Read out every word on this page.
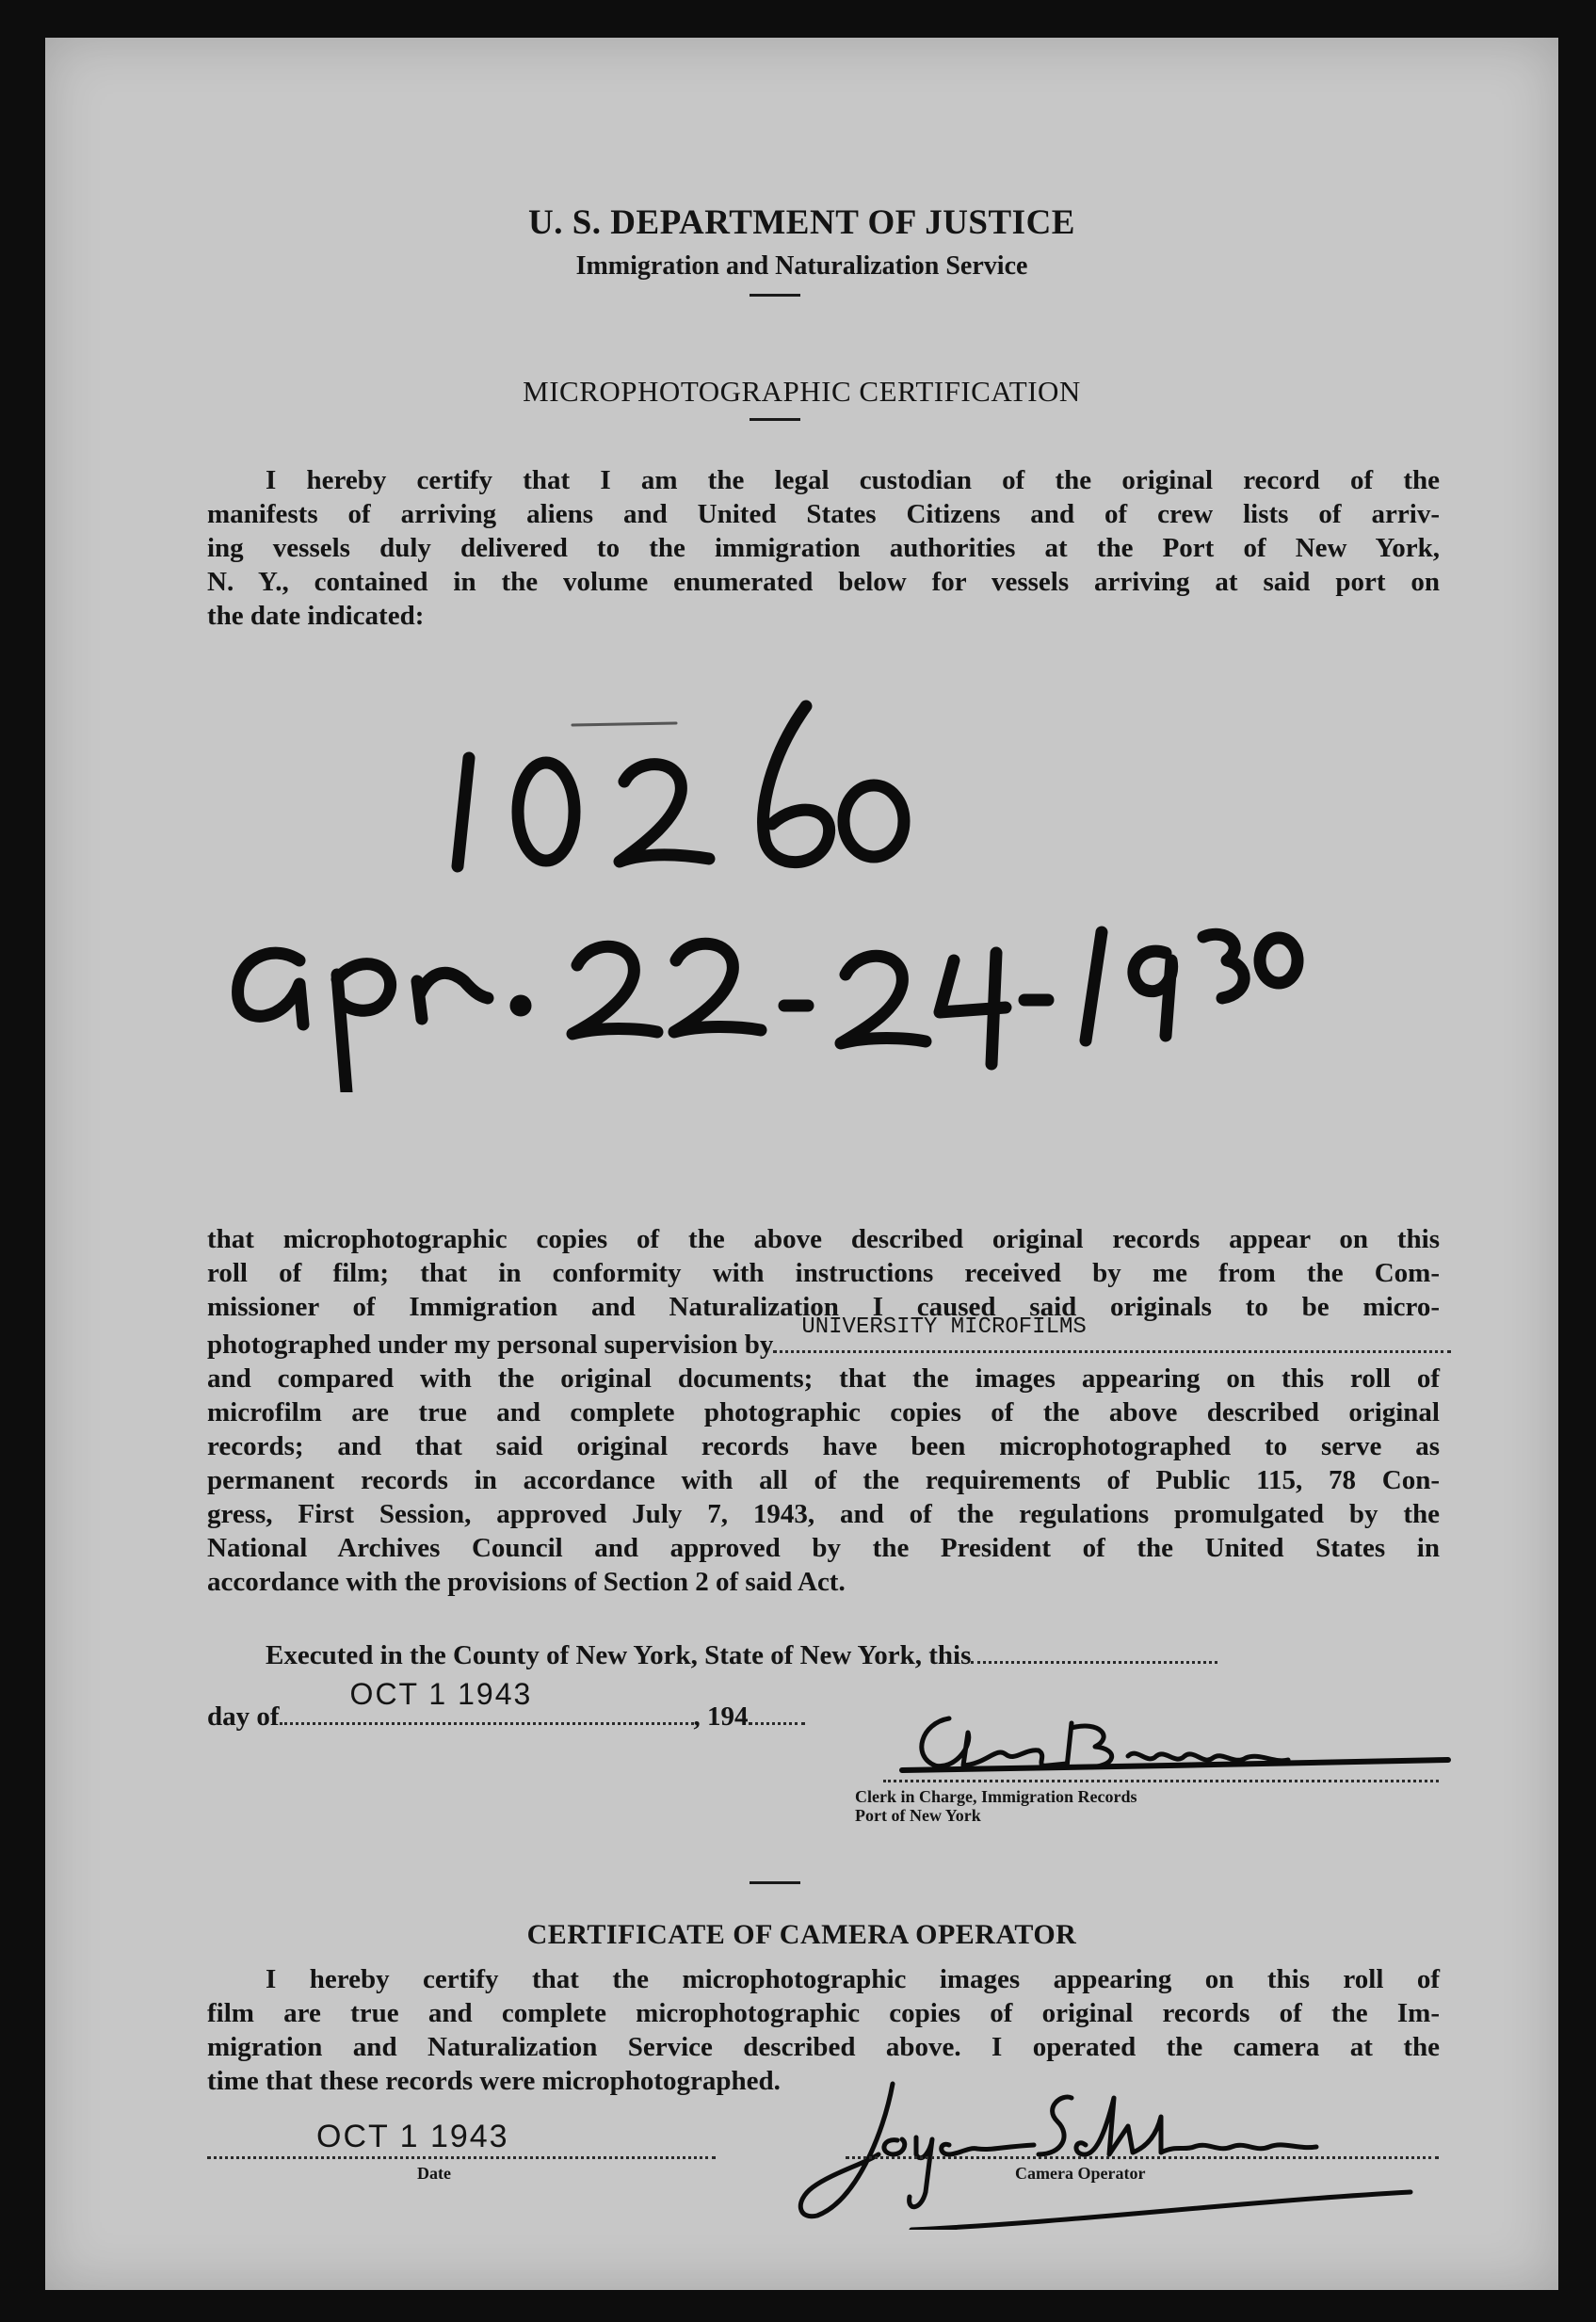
U. S. DEPARTMENT OF JUSTICE
Immigration and Naturalization Service
MICROPHOTOGRAPHIC CERTIFICATION
I hereby certify that I am the legal custodian of the original record of the
manifests of arriving aliens and United States Citizens and of crew lists of arriv-
ing vessels duly delivered to the immigration authorities at the Port of New York,
N. Y., contained in the volume enumerated below for vessels arriving at said port on
the date indicated:
that microphotographic copies of the above described original records appear on this
roll of film; that in conformity with instructions received by me from the Com-
missioner of Immigration and Naturalization I caused said originals to be micro-
photographed under my personal supervision by
UNIVERSITY MICROFILMS
and compared with the original documents; that the images appearing on this roll of
microfilm are true and complete photographic copies of the above described original
records; and that said original records have been microphotographed to serve as
permanent records in accordance with all of the requirements of Public 115, 78 Con-
gress, First Session, approved July 7, 1943, and of the regulations promulgated by the
National Archives Council and approved by the President of the United States in
accordance with the provisions of Section 2 of said Act.
Executed in the County of New York, State of New York, this
day of
OCT 1 1943
, 194
Clerk in Charge, Immigration Records
Port of New York
CERTIFICATE OF CAMERA OPERATOR
I hereby certify that the microphotographic images appearing on this roll of
film are true and complete microphotographic copies of original records of the Im-
migration and Naturalization Service described above. I operated the camera at the
time that these records were microphotographed.
OCT 1 1943
Date	Camera Operator
